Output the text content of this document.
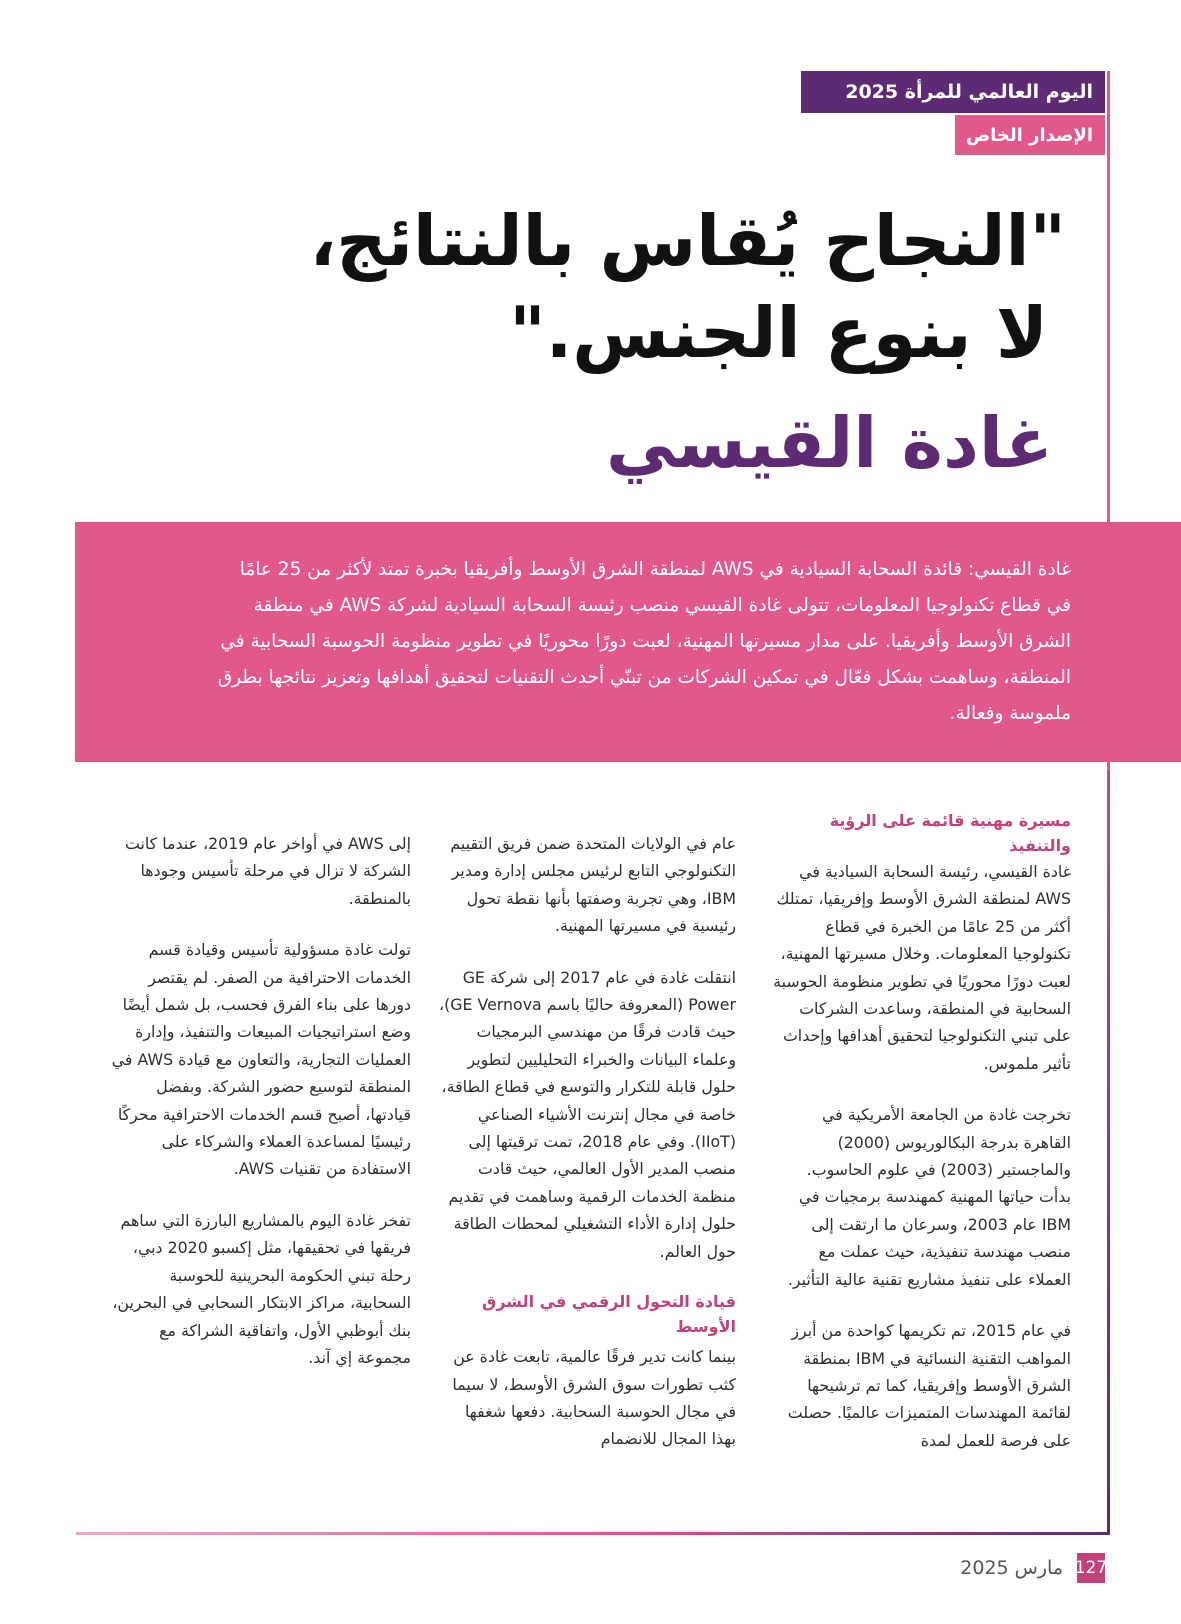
اليوم العالمي للمرأة 2025
الإصدار الخاص
"النجاح يُقاس بالنتائج،
لا بنوع الجنس."
غادة القيسي
غادة القيسي: قائدة السحابة السيادية في AWS لمنطقة الشرق الأوسط وأفريقيا بخبرة تمتد لأكثر من 25 عامًا في قطاع تكنولوجيا المعلومات، تتولى غادة القيسي منصب رئيسة السحابة السيادية لشركة AWS في منطقة الشرق الأوسط وأفريقيا. على مدار مسيرتها المهنية، لعبت دورًا محوريًا في تطوير منظومة الحوسبة السحابية في المنطقة، وساهمت بشكل فعّال في تمكين الشركات من تبنّي أحدث التقنيات لتحقيق أهدافها وتعزيز نتائجها بطرق ملموسة وفعالة.

مسيرة مهنية قائمة على الرؤية والتنفيذ

غادة القيسي، رئيسة السحابة السيادية في AWS لمنطقة الشرق الأوسط وإفريقيا، تمتلك أكثر من 25 عامًا من الخبرة في قطاع تكنولوجيا المعلومات. وخلال مسيرتها المهنية، لعبت دورًا محوريًا في تطوير منظومة الحوسبة السحابية في المنطقة، وساعدت الشركات على تبني التكنولوجيا لتحقيق أهدافها وإحداث تأثير ملموس.

تخرجت غادة من الجامعة الأمريكية في القاهرة بدرجة البكالوريوس (2000) والماجستير (2003) في علوم الحاسوب. بدأت حياتها المهنية كمهندسة برمجيات في IBM عام 2003، وسرعان ما ارتقت إلى منصب مهندسة تنفيذية، حيث عملت مع العملاء على تنفيذ مشاريع تقنية عالية التأثير.

في عام 2015، تم تكريمها كواحدة من أبرز المواهب التقنية النسائية في IBM بمنطقة الشرق الأوسط وإفريقيا، كما تم ترشيحها لقائمة المهندسات المتميزات عالميًا. حصلت على فرصة للعمل لمدة

عام في الولايات المتحدة ضمن فريق التقييم التكنولوجي التابع لرئيس مجلس إدارة ومدير IBM، وهي تجربة وصفتها بأنها نقطة تحول رئيسية في مسيرتها المهنية.

انتقلت غادة في عام 2017 إلى شركة GE Power (المعروفة حاليًا باسم GE Vernova)، حيث قادت فرقًا من مهندسي البرمجيات وعلماء البيانات والخبراء التحليليين لتطوير حلول قابلة للتكرار والتوسع في قطاع الطاقة، خاصة في مجال إنترنت الأشياء الصناعي (IIoT). وفي عام 2018، تمت ترقيتها إلى منصب المدير الأول العالمي، حيث قادت منظمة الخدمات الرقمية وساهمت في تقديم حلول إدارة الأداء التشغيلي لمحطات الطاقة حول العالم.

قيادة التحول الرقمي في الشرق الأوسط

بينما كانت تدير فرقًا عالمية، تابعت غادة عن كثب تطورات سوق الشرق الأوسط، لا سيما في مجال الحوسبة السحابية. دفعها شغفها بهذا المجال للانضمام

إلى AWS في أواخر عام 2019، عندما كانت الشركة لا تزال في مرحلة تأسيس وجودها بالمنطقة.

تولت غادة مسؤولية تأسيس وقيادة قسم الخدمات الاحترافية من الصفر. لم يقتصر دورها على بناء الفرق فحسب، بل شمل أيضًا وضع استراتيجيات المبيعات والتنفيذ، وإدارة العمليات التجارية، والتعاون مع قيادة AWS في المنطقة لتوسيع حضور الشركة. وبفضل قيادتها، أصبح قسم الخدمات الاحترافية محركًا رئيسيًا لمساعدة العملاء والشركاء على الاستفادة من تقنيات AWS.

تفخر غادة اليوم بالمشاريع البارزة التي ساهم فريقها في تحقيقها، مثل إكسبو 2020 دبي، رحلة تبني الحكومة البحرينية للحوسبة السحابية، مراكز الابتكار السحابي في البحرين، بنك أبوظبي الأول، واتفاقية الشراكة مع مجموعة إي آند.

127
مارس 2025
